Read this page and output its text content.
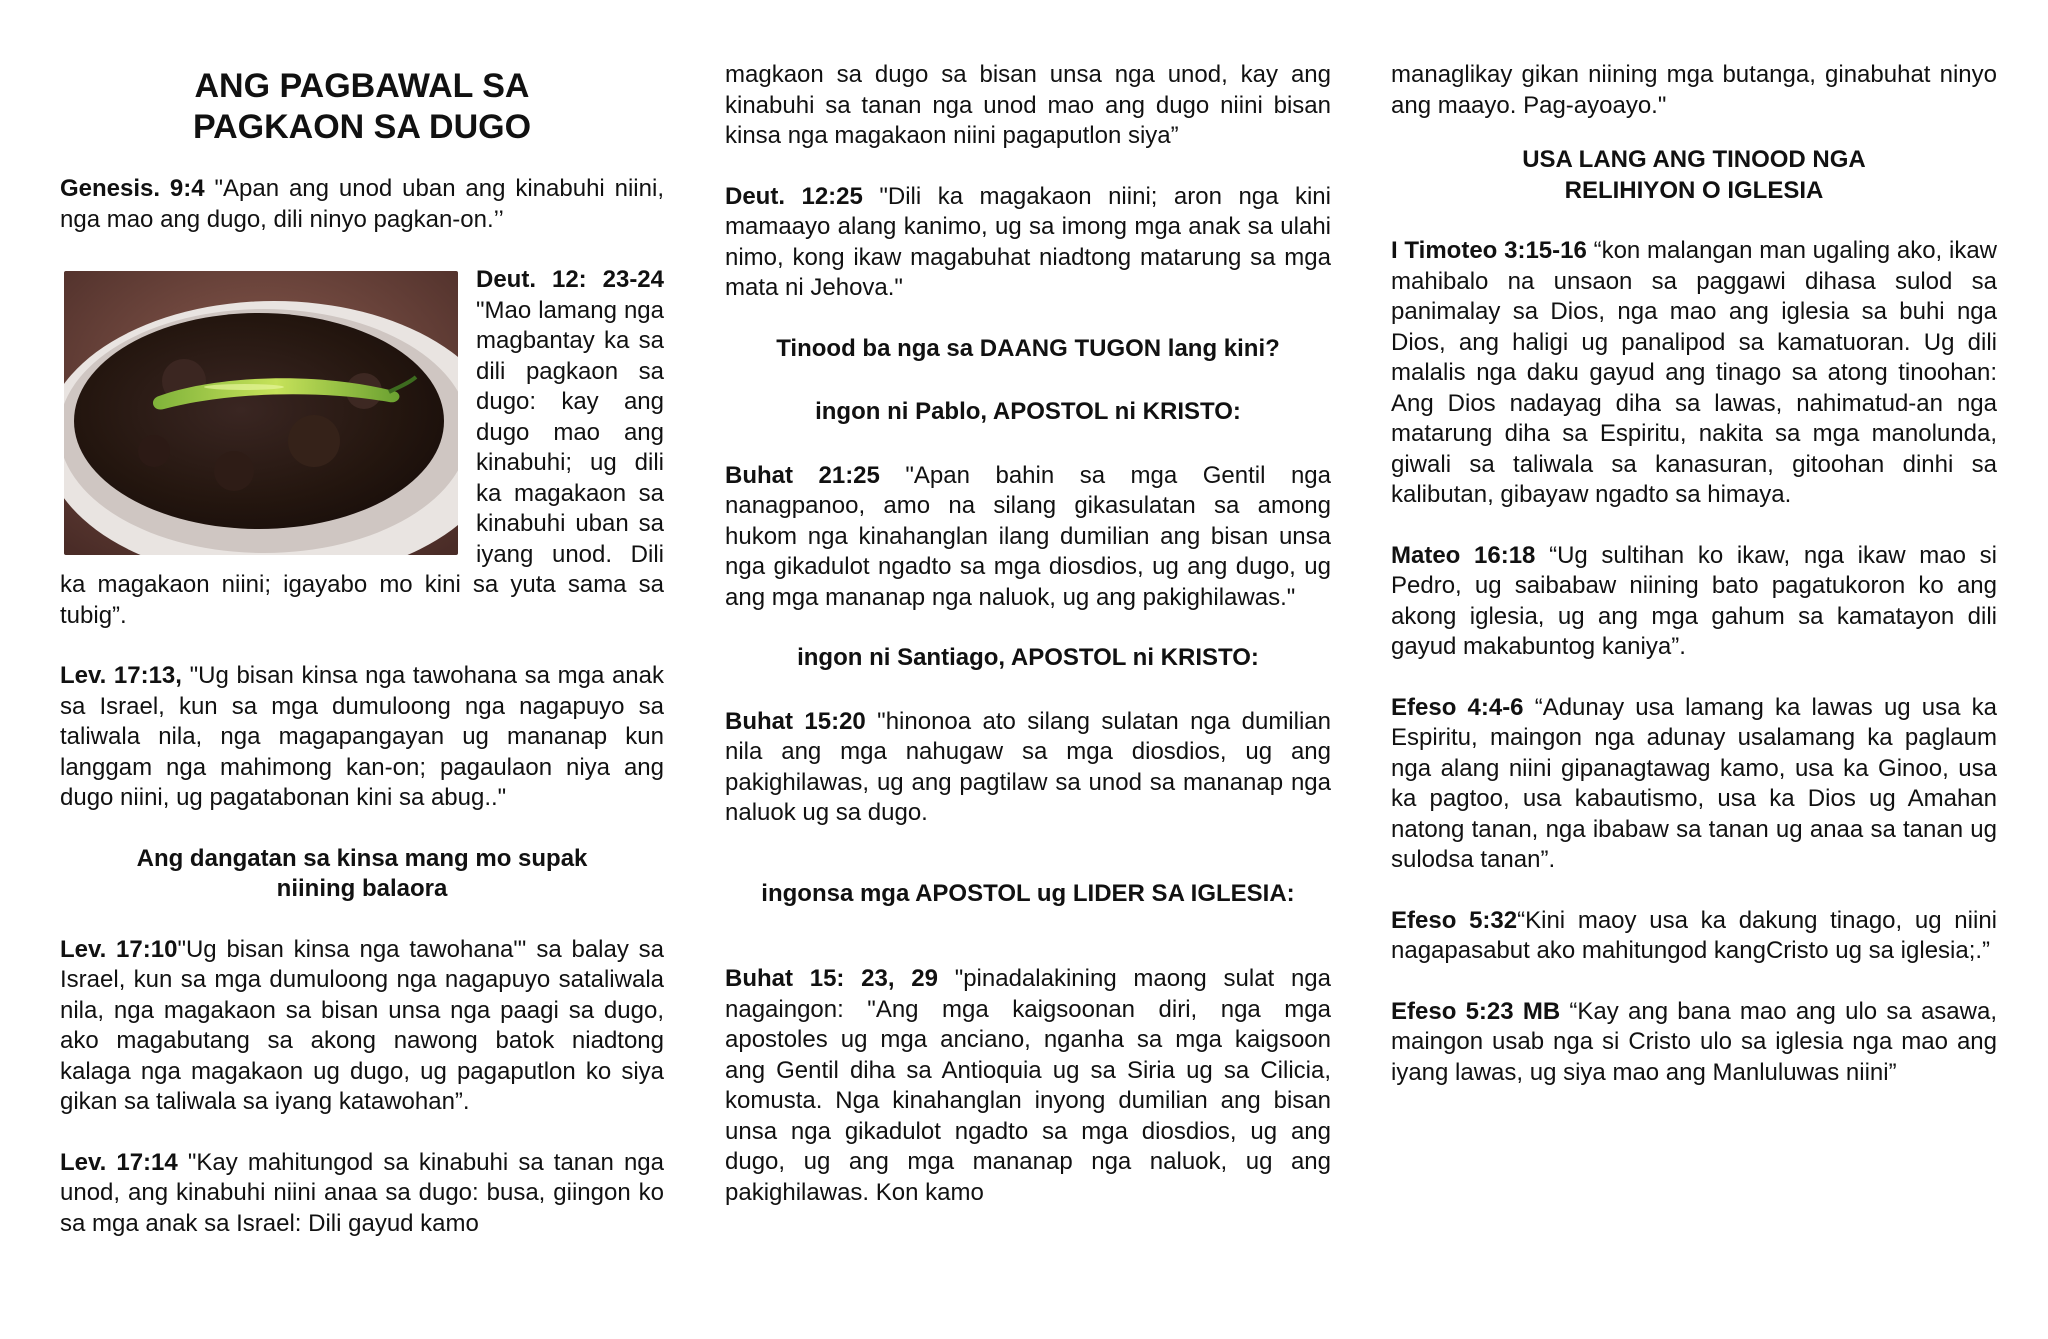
ANG PAGBAWAL SA
PAGKAON SA DUGO

Genesis. 9:4 "Apan ang unod uban ang kinabuhi niini, nga mao ang dugo, dili ninyo pagkan-on.’’

Deut. 12: 23-24 "Mao lamang nga magbantay ka sa dili pagkaon sa dugo: kay ang dugo mao ang kinabuhi; ug dili ka magakaon sa kinabuhi uban sa iyang unod. Dili ka magakaon niini; igayabo mo kini sa yuta sama sa tubig”.

Lev. 17:13, "Ug bisan kinsa nga tawohana sa mga anak sa Israel, kun sa mga dumuloong nga nagapuyo sa taliwala nila, nga magapangayan ug mananap kun langgam nga mahimong kan-on; pagaulaon niya ang dugo niini, ug pagatabonan kini sa abug.."

Ang dangatan sa kinsa mang mo supak
niining balaora

Lev. 17:10"Ug bisan kinsa nga tawohana"' sa balay sa Israel, kun sa mga dumuloong nga nagapuyo sataliwala nila, nga magakaon sa bisan unsa nga paagi sa dugo, ako magabutang sa akong nawong batok niadtong kalaga nga magakaon ug dugo, ug pagaputlon ko siya gikan sa taliwala sa iyang katawohan”.

Lev. 17:14 "Kay mahitungod sa kinabuhi sa tanan nga unod, ang kinabuhi niini anaa sa dugo: busa, giingon ko sa mga anak sa Israel: Dili gayud kamo

magkaon sa dugo sa bisan unsa nga unod, kay ang kinabuhi sa tanan nga unod mao ang dugo niini bisan kinsa nga magakaon niini pagaputlon siya”

Deut. 12:25 "Dili ka magakaon niini; aron nga kini mamaayo alang kanimo, ug sa imong mga anak sa ulahi nimo, kong ikaw magabuhat niadtong matarung sa mga mata ni Jehova."

Tinood ba nga sa DAANG TUGON lang kini?
ingon ni Pablo, APOSTOL ni KRISTO:

Buhat 21:25 "Apan bahin sa mga Gentil nga nanagpanoo, amo na silang gikasulatan sa among hukom nga kinahanglan ilang dumilian ang bisan unsa nga gikadulot ngadto sa mga diosdios, ug ang dugo, ug ang mga mananap nga naluok, ug ang pakighilawas."

ingon ni Santiago, APOSTOL ni KRISTO:

Buhat 15:20 "hinonoa ato silang sulatan nga dumilian nila ang mga nahugaw sa mga diosdios, ug ang pakighilawas, ug ang pagtilaw sa unod sa mananap nga naluok ug sa dugo.

ingonsa mga APOSTOL ug LIDER SA IGLESIA:

Buhat 15: 23, 29 "pinadalakining maong sulat nga nagaingon: "Ang mga kaigsoonan diri, nga mga apostoles ug mga anciano, nganha sa mga kaigsoon ang Gentil diha sa Antioquia ug sa Siria ug sa Cilicia, komusta. Nga kinahanglan inyong dumilian ang bisan unsa nga gikadulot ngadto sa mga diosdios, ug ang dugo, ug ang mga mananap nga naluok, ug ang pakighilawas. Kon kamo

managlikay gikan niining mga butanga, ginabuhat ninyo ang maayo. Pag-ayoayo."

USA LANG ANG TINOOD NGA
RELIHIYON O IGLESIA

I Timoteo 3:15-16 “kon malangan man ugaling ako, ikaw mahibalo na unsaon sa paggawi dihasa sulod sa panimalay sa Dios, nga mao ang iglesia sa buhi nga Dios, ang haligi ug panalipod sa kamatuoran. Ug dili malalis nga daku gayud ang tinago sa atong tinoohan: Ang Dios nadayag diha sa lawas, nahimatud-an nga matarung diha sa Espiritu, nakita sa mga manolunda, giwali sa taliwala sa kanasuran, gitoohan dinhi sa kalibutan, gibayaw ngadto sa himaya.

Mateo 16:18 “Ug sultihan ko ikaw, nga ikaw mao si Pedro, ug saibabaw niining bato pagatukoron ko ang akong iglesia, ug ang mga gahum sa kamatayon dili gayud makabuntog kaniya”.

Efeso 4:4-6 “Adunay usa lamang ka lawas ug usa ka Espiritu, maingon nga adunay usalamang ka paglaum nga alang niini gipanagtawag kamo, usa ka Ginoo, usa ka pagtoo, usa kabautismo, usa ka Dios ug Amahan natong tanan, nga ibabaw sa tanan ug anaa sa tanan ug sulodsa tanan”.

Efeso 5:32“Kini maoy usa ka dakung tinago, ug niini nagapasabut ako mahitungod kangCristo ug sa iglesia;.”

Efeso 5:23 MB “Kay ang bana mao ang ulo sa asawa, maingon usab nga si Cristo ulo sa iglesia nga mao ang iyang lawas, ug siya mao ang Manluluwas niini”
